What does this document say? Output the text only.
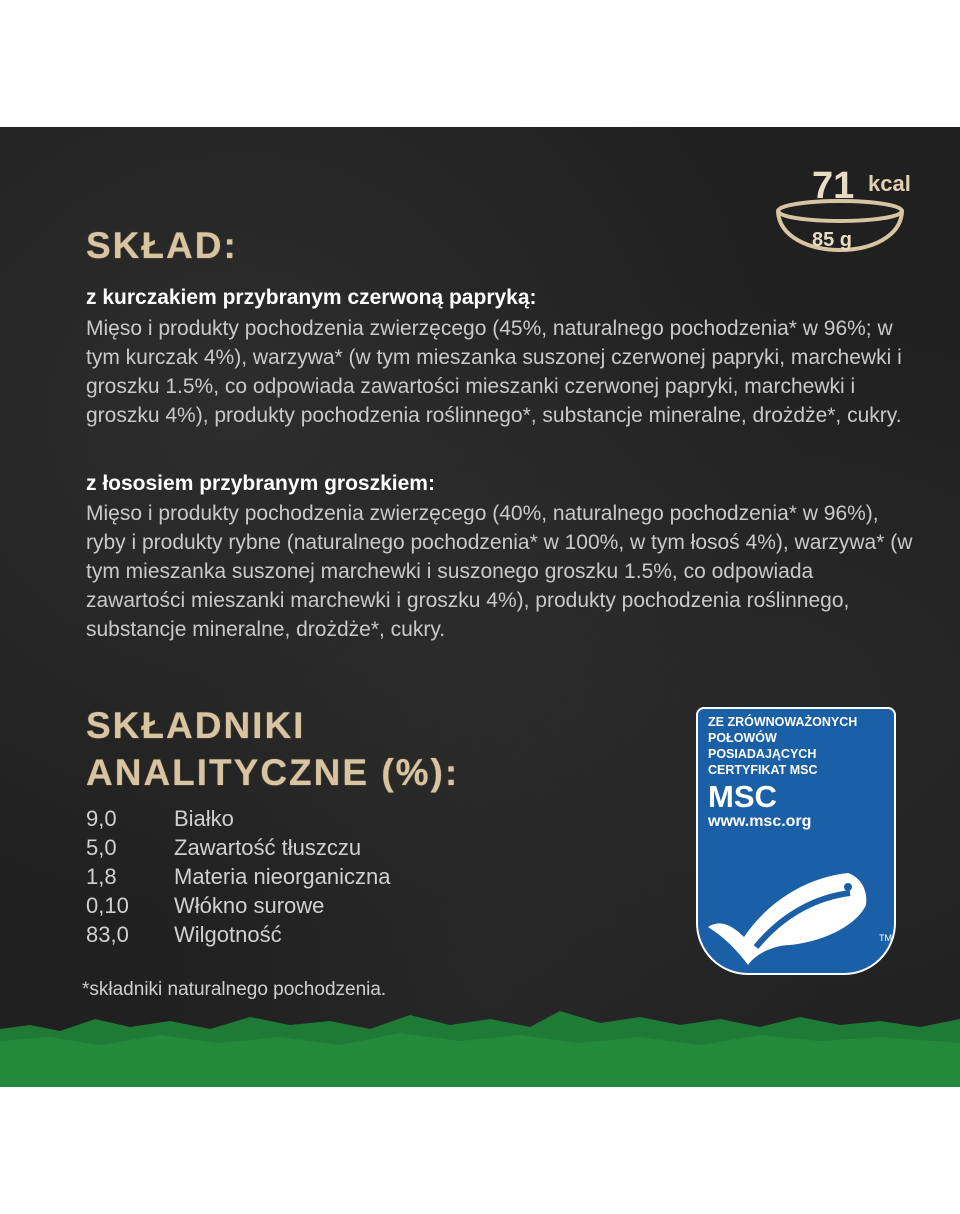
71 kcal
85 g
SKŁAD:

z kurczakiem przybranym czerwoną papryką:

Mięso i produkty pochodzenia zwierzęcego (45%, naturalnego pochodzenia* w 96%; w tym kurczak 4%), warzywa* (w tym mieszanka suszonej czerwonej papryki, marchewki i groszku 1.5%, co odpowiada zawartości mieszanki czerwonej papryki, marchewki i groszku 4%), produkty pochodzenia roślinnego*, substancje mineralne, drożdże*, cukry.

z łososiem przybranym groszkiem:

Mięso i produkty pochodzenia zwierzęcego (40%, naturalnego pochodzenia* w 96%), ryby i produkty rybne (naturalnego pochodzenia* w 100%, w tym łosoś 4%), warzywa* (w tym mieszanka suszonej marchewki i suszonego groszku 1.5%, co odpowiada zawartości mieszanki marchewki i groszku 4%), produkty pochodzenia roślinnego, substancje mineralne, drożdże*, cukry.

SKŁADNIKI
ANALITYCZNE (%):
9,0	Białko
5,0	Zawartość tłuszczu
1,8	Materia nieorganiczna
0,10	Włókno surowe
83,0	Wilgotność

*składniki naturalnego pochodzenia.

ZE ZRÓWNOWAŻONYCH
POŁOWÓW
POSIADAJĄCYCH
CERTYFIKAT MSC
MSC
www.msc.org
TM
